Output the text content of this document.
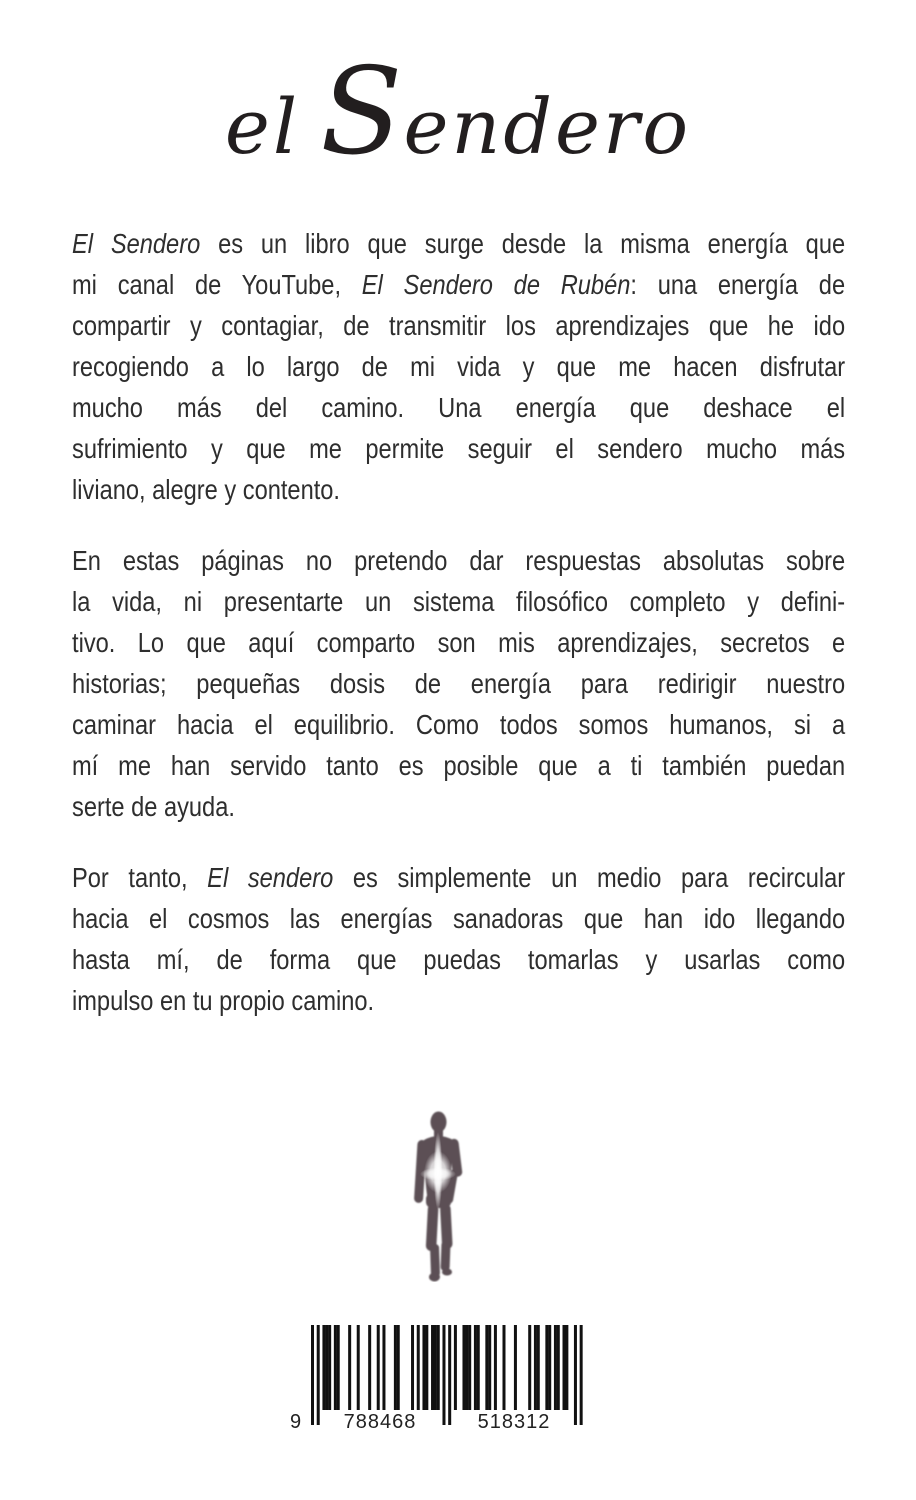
el Sendero
El Sendero es un libro que surge desde la misma energía que
mi canal de YouTube, El Sendero de Rubén: una energía de
compartir y contagiar, de transmitir los aprendizajes que he ido
recogiendo a lo largo de mi vida y que me hacen disfrutar
mucho más del camino. Una energía que deshace el
sufrimiento y que me permite seguir el sendero mucho más
liviano, alegre y contento.
En estas páginas no pretendo dar respuestas absolutas sobre
la vida, ni presentarte un sistema filosófico completo y defini-
tivo. Lo que aquí comparto son mis aprendizajes, secretos e
historias; pequeñas dosis de energía para redirigir nuestro
caminar hacia el equilibrio. Como todos somos humanos, si a
mí me han servido tanto es posible que a ti también puedan
serte de ayuda.
Por tanto, El sendero es simplemente un medio para recircular
hacia el cosmos las energías sanadoras que han ido llegando
hasta mí, de forma que puedas tomarlas y usarlas como
impulso en tu propio camino.
9	788468	518312
